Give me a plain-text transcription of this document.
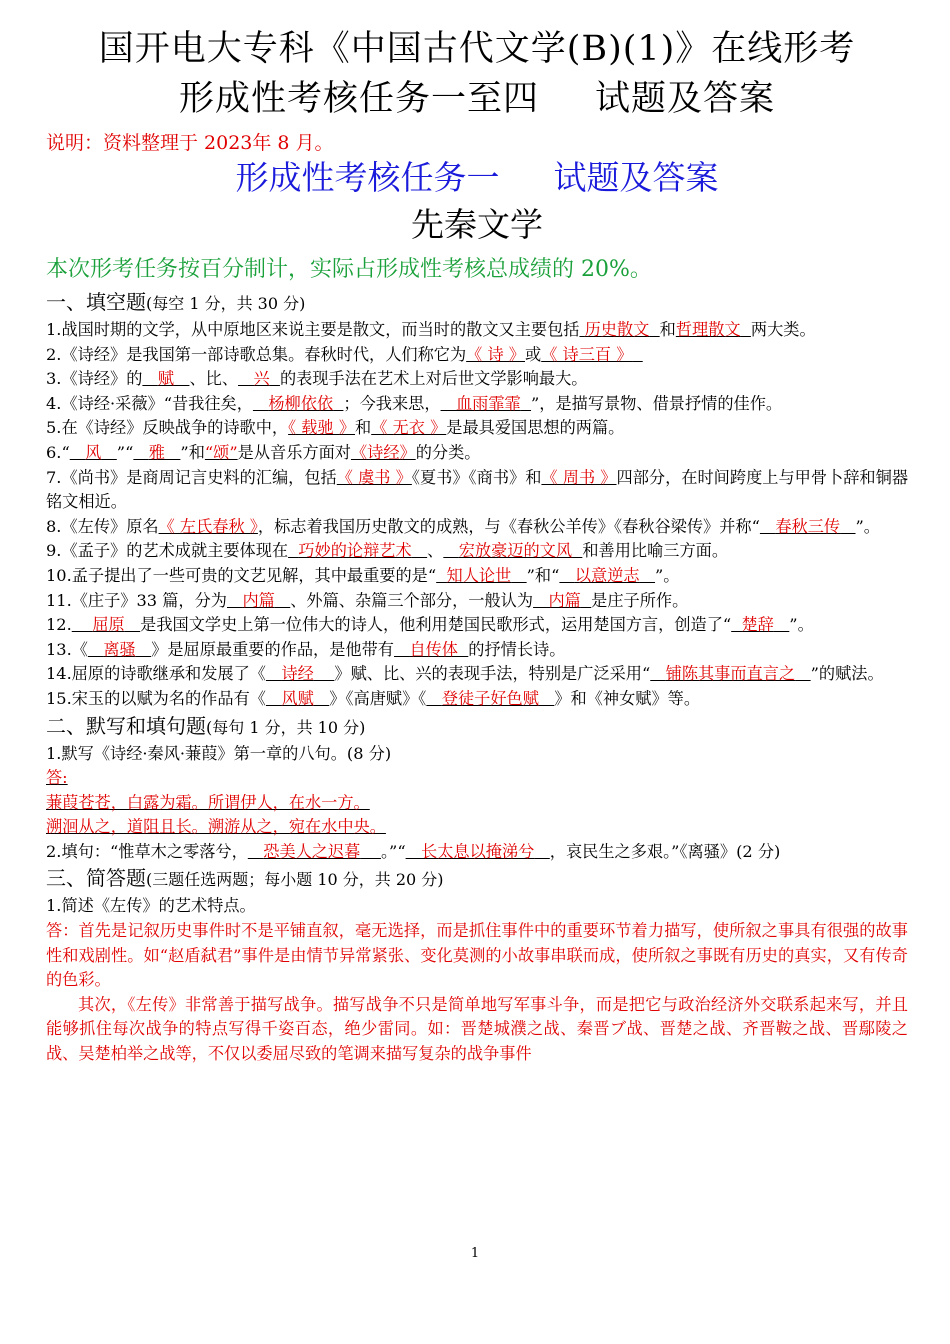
国开电大专科《中国古代文学(B)(1)》在线形考
形成性考核任务一至四 试题及答案
说明：资料整理于 2023年 8 月。
形成性考核任务一 试题及答案
先秦文学
本次形考任务按百分制计，实际占形成性考核总成绩的 20%。
一、填空题(每空 1 分，共 30 分)
1.战国时期的文学，从中原地区来说主要是散文，而当时的散文又主要包括 历史散文 和哲理散文 两大类。
2.《诗经》是我国第一部诗歌总集。春秋时代，人们称它为《 诗 》或《 诗三百 》
3.《诗经》的 赋 、比、 兴 的表现手法在艺术上对后世文学影响最大。
4.《诗经·采薇》“昔我往矣， 杨柳依依 ；今我来思， 血雨霏霏 ”，是描写景物、借景抒情的佳作。
5.在《诗经》反映战争的诗歌中，《 载驰 》和《 无衣 》是最具爱国思想的两篇。
6.“ 风 ”“ 雅 ”和“颂”是从音乐方面对《诗经》的分类。
7.《尚书》是商周记言史料的汇编，包括《 虞书 》《夏书》《商书》和《 周书 》四部分，在时间跨度上与甲骨卜辞和铜器铭文相近。
8.《左传》原名《 左氏春秋 》，标志着我国历史散文的成熟，与《春秋公羊传》《春秋谷梁传》并称“ 春秋三传 ”。
9.《孟子》的艺术成就主要体现在 巧妙的论辩艺术 、 宏放豪迈的文风 和善用比喻三方面。
10.孟子提出了一些可贵的文艺见解，其中最重要的是“ 知人论世 ”和“ 以意逆志 ”。
11.《庄子》33 篇，分为 内篇 、外篇、杂篇三个部分，一般认为 内篇 是庄子所作。
12. 屈原 是我国文学史上第一位伟大的诗人，他利用楚国民歌形式，运用楚国方言，创造了“ 楚辞 ”。
13.《 离骚 》是屈原最重要的作品，是他带有 自传体 的抒情长诗。
14.屈原的诗歌继承和发展了《 诗经 》赋、比、兴的表现手法，特别是广泛采用“ 铺陈其事而直言之 ”的赋法。
15.宋玉的以赋为名的作品有《 风赋 》《高唐赋》《 登徒子好色赋 》和《神女赋》等。
二、默写和填句题(每句 1 分，共 10 分)
1.默写《诗经·秦风·蒹葭》第一章的八句。(8 分)
答:
蒹葭苍苍，白露为霜。所谓伊人，在水一方。
溯洄从之，道阻且长。溯游从之，宛在水中央。
2.填句：“惟草木之零落兮， 恐美人之迟暮 。”“ 长太息以掩涕兮 ，哀民生之多艰。”《离骚》(2 分)
三、简答题(三题任选两题；每小题 10 分，共 20 分)
1.简述《左传》的艺术特点。
答：首先是记叙历史事件时不是平铺直叙，毫无选择，而是抓住事件中的重要环节着力描写，使所叙之事具有很强的故事性和戏剧性。如“赵盾弑君”事件是由情节异常紧张、变化莫测的小故事串联而成，使所叙之事既有历史的真实，又有传奇的色彩。
其次，《左传》非常善于描写战争。描写战争不只是简单地写军事斗争，而是把它与政治经济外交联系起来写，并且能够抓住每次战争的特点写得千姿百态，绝少雷同。如：晋楚城濮之战、秦晋ブ战、晋楚之战、齐晋鞍之战、晋鄢陵之战、吴楚柏举之战等，不仅以委屈尽致的笔调来描写复杂的战争事件
1
